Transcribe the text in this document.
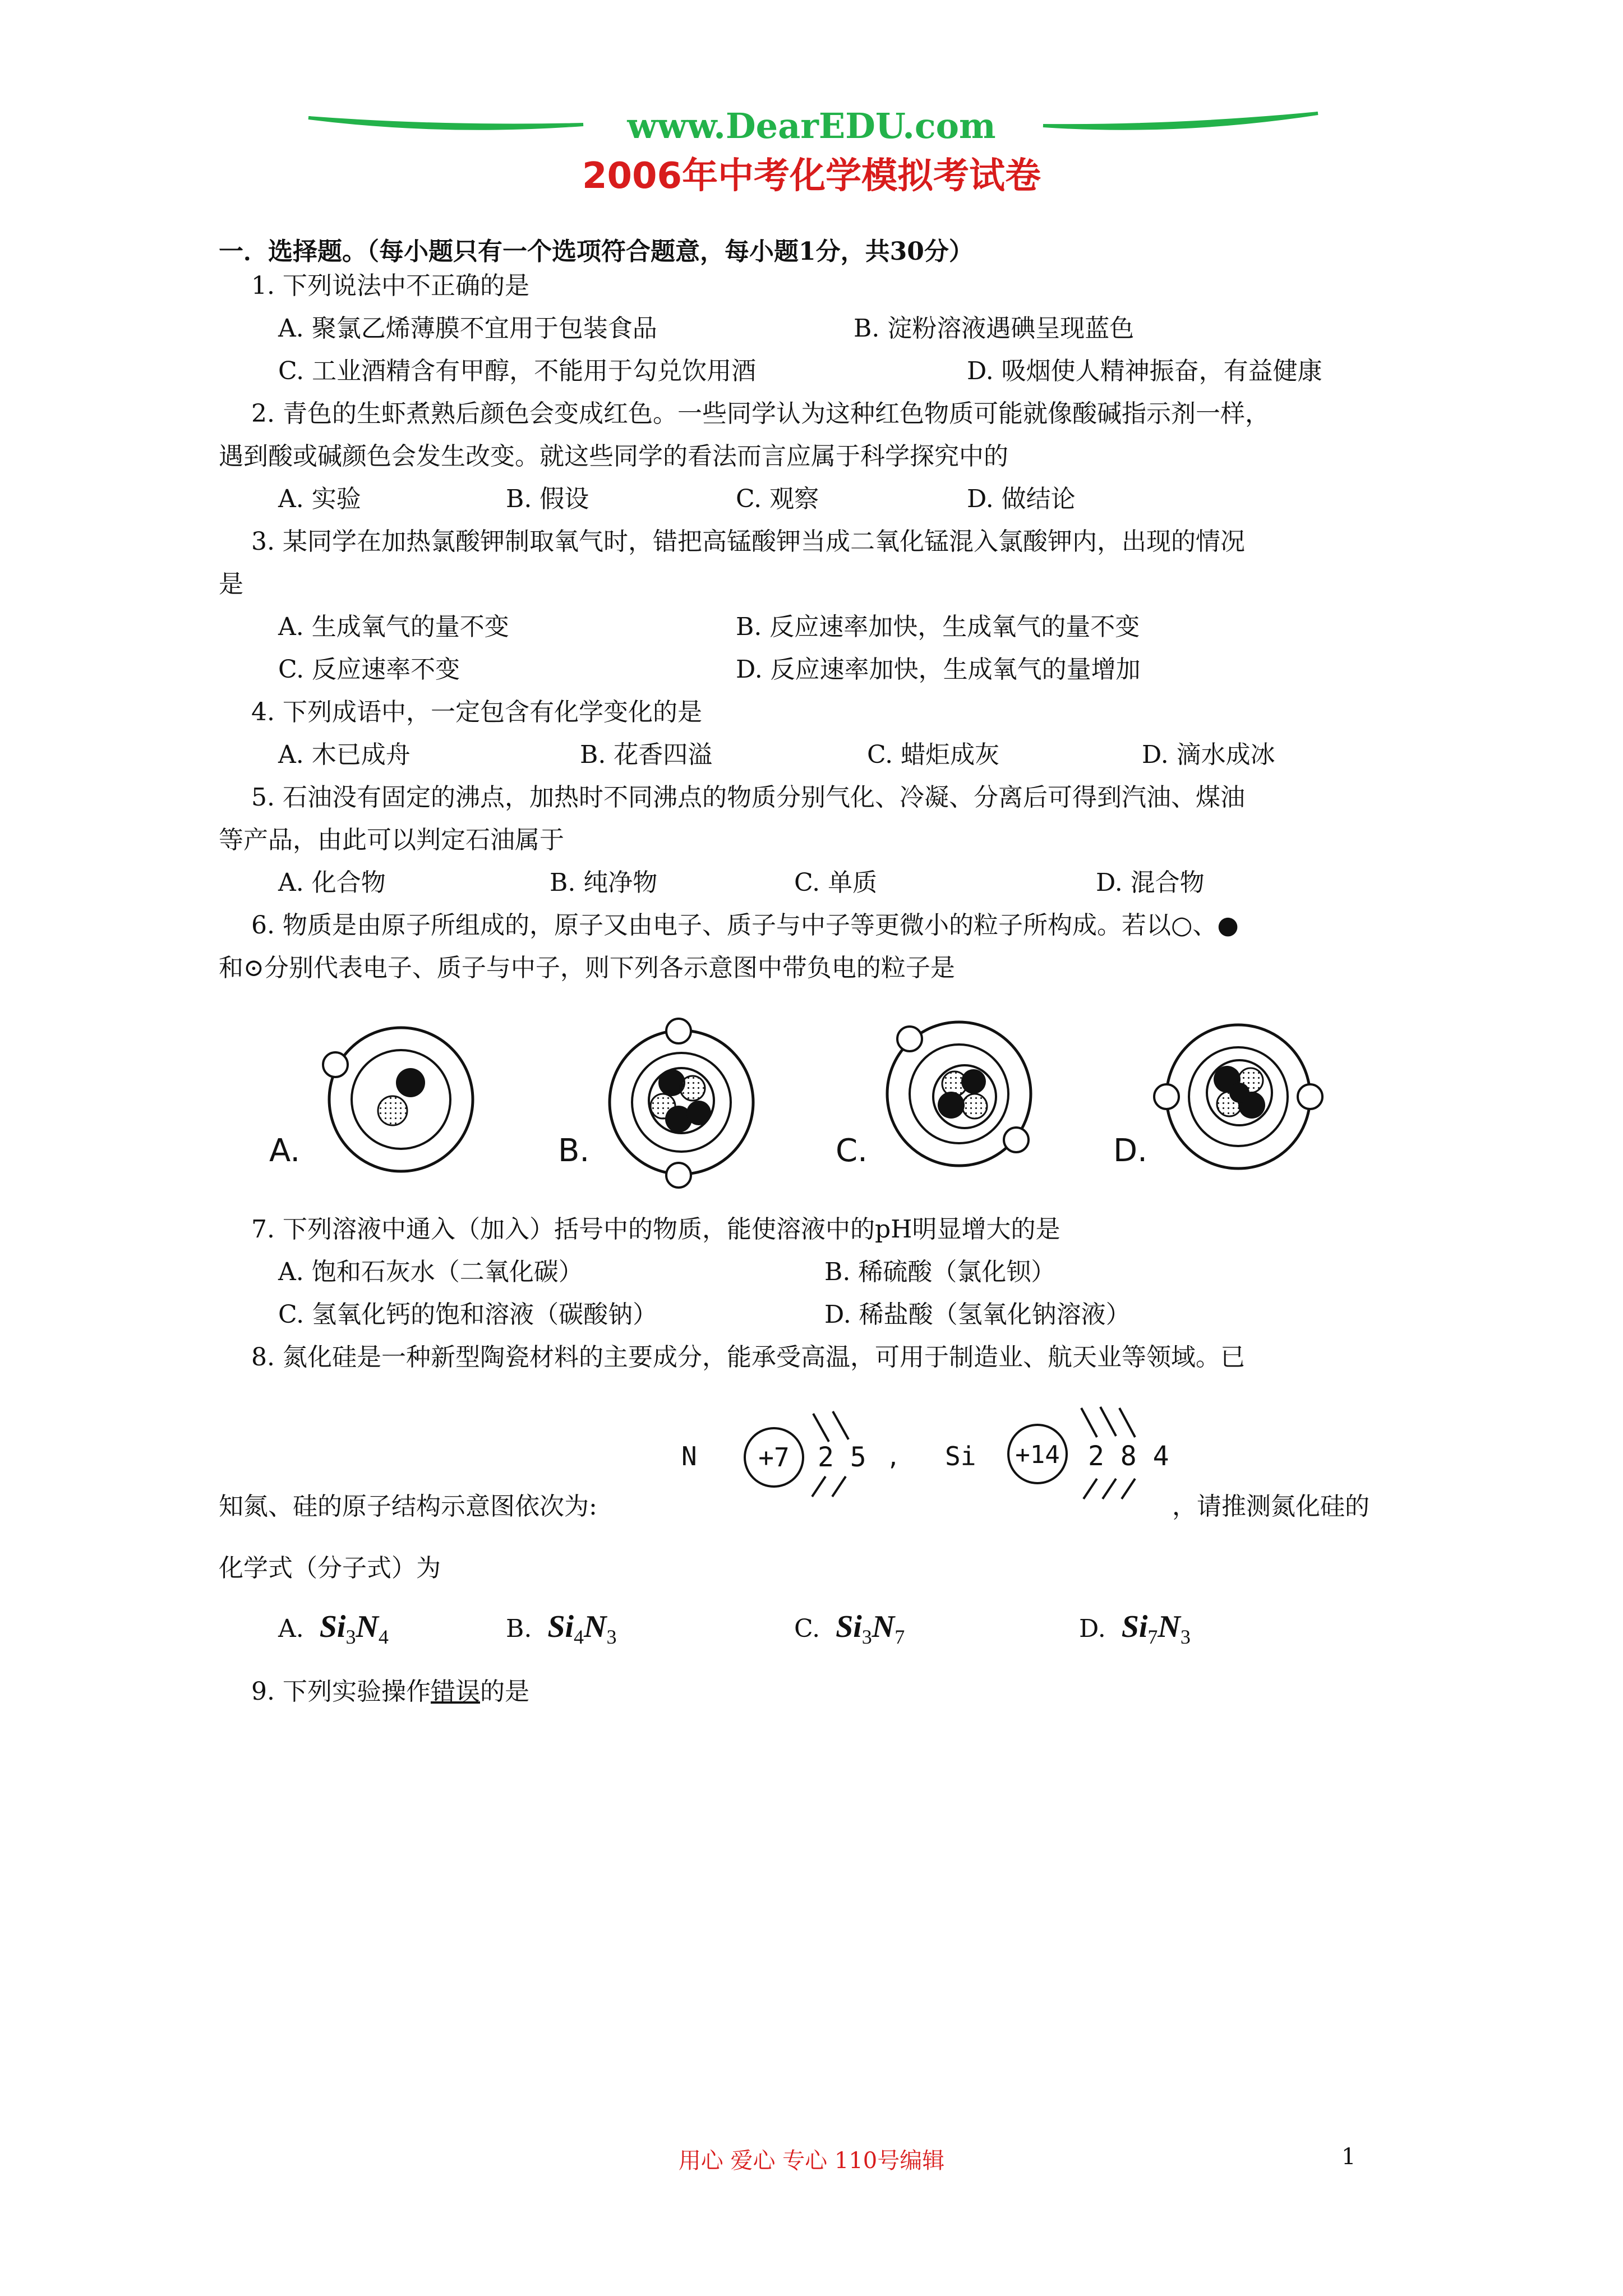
www.DearEDU.com
2006年中考化学模拟考试卷
一．选择题。（每小题只有一个选项符合题意，每小题1分，共30分）
1. 下列说法中不正确的是
A. 聚氯乙烯薄膜不宜用于包装食品	B. 淀粉溶液遇碘呈现蓝色
C. 工业酒精含有甲醇，不能用于勾兑饮用酒	D. 吸烟使人精神振奋，有益健康
2. 青色的生虾煮熟后颜色会变成红色。一些同学认为这种红色物质可能就像酸碱指示剂一样，
遇到酸或碱颜色会发生改变。就这些同学的看法而言应属于科学探究中的
A. 实验	B. 假设	C. 观察	D. 做结论
3. 某同学在加热氯酸钾制取氧气时，错把高锰酸钾当成二氧化锰混入氯酸钾内，出现的情况
是
A. 生成氧气的量不变	B. 反应速率加快，生成氧气的量不变
C. 反应速率不变	D. 反应速率加快，生成氧气的量增加
4. 下列成语中，一定包含有化学变化的是
A. 木已成舟	B. 花香四溢	C. 蜡炬成灰	D. 滴水成冰
5. 石油没有固定的沸点，加热时不同沸点的物质分别气化、冷凝、分离后可得到汽油、煤油
等产品，由此可以判定石油属于
A. 化合物	B. 纯净物	C. 单质	D. 混合物
6. 物质是由原子所组成的，原子又由电子、质子与中子等更微小的粒子所构成。若以○、●
和⊙分别代表电子、质子与中子，则下列各示意图中带负电的粒子是
A.	B.	C.	D.
7. 下列溶液中通入（加入）括号中的物质，能使溶液中的pH明显增大的是
A. 饱和石灰水（二氧化碳）	B. 稀硫酸（氯化钡）
C. 氢氧化钙的饱和溶液（碳酸钠）	D. 稀盐酸（氢氧化钠溶液）
8. 氮化硅是一种新型陶瓷材料的主要成分，能承受高温，可用于制造业、航天业等领域。已
N +7 2 5 , Si +14 2 8 4
知氮、硅的原子结构示意图依次为:	，请推测氮化硅的
化学式（分子式）为
A. $Si_3N_4$	B. $Si_4N_3$	C. $Si_3N_7$	D. $Si_7N_3$
9. 下列实验操作错误的是
用心 爱心 专心 110号编辑	1
